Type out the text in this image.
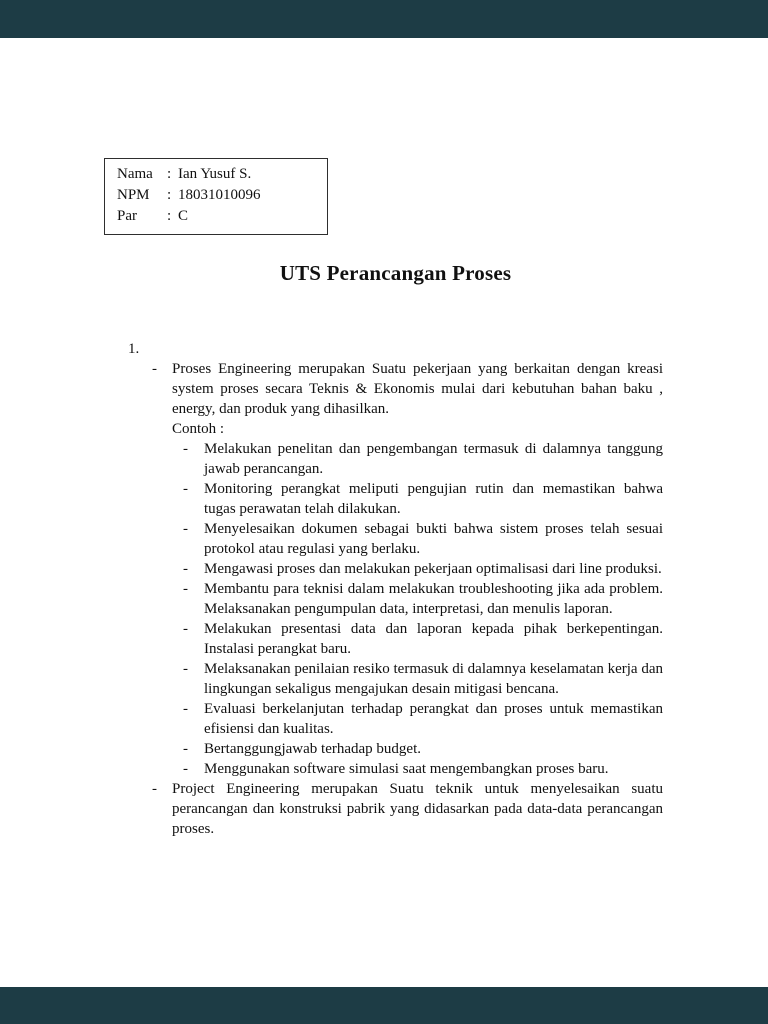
Nama : Ian Yusuf S.
NPM	: 18031010096
Par	: C
UTS Perancangan Proses
1.
-	Proses Engineering merupakan Suatu pekerjaan yang berkaitan dengan kreasi system proses secara Teknis & Ekonomis mulai dari kebutuhan bahan baku , energy, dan produk yang dihasilkan.
Contoh :
-	Melakukan penelitan dan pengembangan termasuk di dalamnya tanggung jawab perancangan.
-	Monitoring perangkat meliputi pengujian rutin dan memastikan bahwa tugas perawatan telah dilakukan.
-	Menyelesaikan dokumen sebagai bukti bahwa sistem proses telah sesuai protokol atau regulasi yang berlaku.
-	Mengawasi proses dan melakukan pekerjaan optimalisasi dari line produksi.
-	Membantu para teknisi dalam melakukan troubleshooting jika ada problem. Melaksanakan pengumpulan data, interpretasi, dan menulis laporan.
-	Melakukan presentasi data dan laporan kepada pihak berkepentingan. Instalasi perangkat baru.
-	Melaksanakan penilaian resiko termasuk di dalamnya keselamatan kerja dan lingkungan sekaligus mengajukan desain mitigasi bencana.
-	Evaluasi berkelanjutan terhadap perangkat dan proses untuk memastikan efisiensi dan kualitas.
-	Bertanggungjawab terhadap budget.
-	Menggunakan software simulasi saat mengembangkan proses baru.
-	Project Engineering merupakan Suatu teknik untuk menyelesaikan suatu perancangan dan konstruksi pabrik yang didasarkan pada data-data perancangan proses.
